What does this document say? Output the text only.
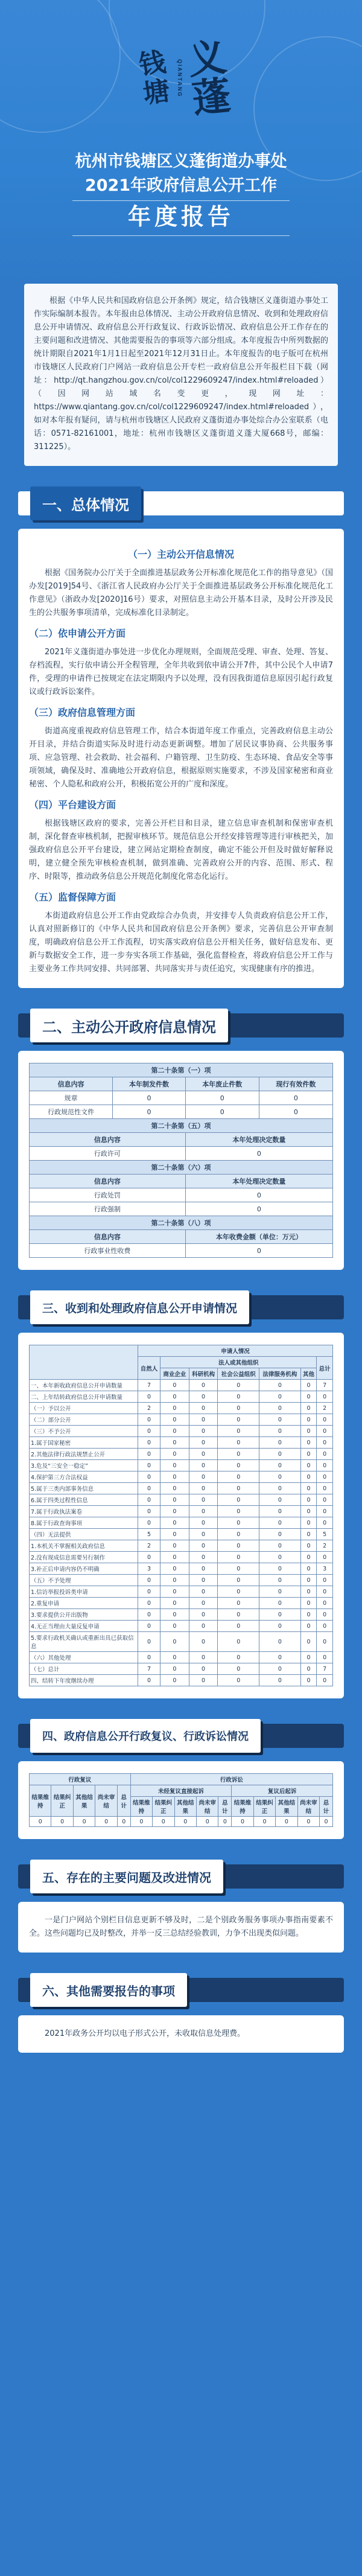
钱塘	QIANTANG 义
蓬
杭州市钱塘区义蓬街道办事处
2021年政府信息公开工作
年度报告

根据《中华人民共和国政府信息公开条例》规定，结合钱塘区义蓬街道办事处工作实际编制本报告。本年报由总体情况、主动公开政府信息情况、收到和处理政府信息公开申请情况、政府信息公开行政复议、行政诉讼情况、政府信息公开工作存在的主要问题和改进情况、其他需要报告的事项等六部分组成。本年度报告中所列数据的统计期限自2021年1月1日起至2021年12月31日止。本年度报告的电子版可在杭州市钱塘区人民政府门户网站一政府信息公开专栏一政府信息公开年报栏目下载（网址：http://qt.hangzhou.gov.cn/col/col1229609247/index.html#reloaded）（因网站域名变更，现网址：https://www.qiantang.gov.cn/col/col1229609247/index.html#reloaded），如对本年报有疑问，请与杭州市钱塘区人民政府义蓬街道办事处综合办公室联系（电话：0571-82161001，地址：杭州市钱塘区义蓬街道义蓬大厦668号，邮编：311225）。

一、总体情况
（一）主动公开信息情况

根据《国务院办公厅关于全面推进基层政务公开标准化规范化工作的指导意见》（国办发[2019]54号、《浙江省人民政府办公厅关于全面推进基层政务公开标准化规范化工作意见》（浙政办发[2020]16号）要求，对照信息主动公开基本目录，及时公开涉及民生的公共服务事项清单，完成标准化目录制定。

（二）依申请公开方面

2021年义蓬街道办事处进一步优化办理规则，全面规范受理、审查、处理、答复、存档流程，实行依申请公开全程管理，全年共收到依申请公开7件，其中公民个人申请7件，受理的申请件已按规定在法定期限内予以处理，没有因我街道信息原因引起行政复议或行政诉讼案件。

（三）政府信息管理方面

街道高度重视政府信息管理工作，结合本街道年度工作重点，完善政府信息主动公开目录，并结合街道实际及时进行动态更新调整。增加了居民议事协商、公共服务事项、应急管理、社会救助、社会福利、户籍管理、卫生防疫、生态环境、食品安全等事项领域，确保及时、准确地公开政府信息，根据原则实施要求，不涉及国家秘密和商业秘密、个人隐私和政府公开，积极拓宽公开的广度和深度。

（四）平台建设方面

根据钱塘区政府的要求，完善公开栏目和目录，建立信息审查机制和保密审查机制，深化督查审核机制，把握审核环节。规范信息公开经安排管理等进行审核把关，加强政府信息公开平台建设，建立网站定期检查制度，确定不能公开但及时做好解释说明，建立健全预先审核检查机制，做到准确、完善政府公开的内容、范围、形式、程序、时限等，推动政务信息公开规范化制度化常态化运行。

（五）监督保障方面

本街道政府信息公开工作由党政综合办负责，并安排专人负责政府信息公开工作，认真对照新修订的《中华人民共和国政府信息公开条例》要求，完善信息公开审查制度，明确政府信息公开工作流程，切实落实政府信息公开相关任务，做好信息发布、更新与数据安全工作，进一步夯实各项工作基础，强化监督检查，将政府信息公开工作与主要业务工作共同安排、共同部署、共同落实并与责任追究，实现健康有序的推进。

二、主动公开政府信息情况
第二十条第（一）项			
信息内容	本年制发件数	本年废止件数	现行有效件数
规章	0	0	0
行政规范性文件	0	0	0
第二十条第（五）项			
信息内容		本年处理决定数量	
行政许可		0	
第二十条第（六）项			
信息内容		本年处理决定数量	
行政处罚		0	
行政强制		0	
第二十条第（八）项			
信息内容		本年收费金额（单位：万元）	
行政事业性收费		0	
三、收到和处理政府信息公开申请情况
	申请人情况						
	自然人	法人或其他组织					总计
		商业企业	科研机构	社会公益组织	法律服务机构	其他	
一、本年新收政府信息公开申请数量	7	0	0	0	0	0	7
二、上年结转政府信息公开申请数量	0	0	0	0	0	0	0
（一）予以公开	2	0	0	0	0	0	2
（二）部分公开	0	0	0	0	0	0	0
（三）不予公开	0	0	0	0	0	0	0
1.属于国家秘密	0	0	0	0	0	0	0
2.其他法律行政法规禁止公开	0	0	0	0	0	0	0
3.危及“三安全一稳定”	0	0	0	0	0	0	0
4.保护第三方合法权益	0	0	0	0	0	0	0
5.属于三类内部事务信息	0	0	0	0	0	0	0
6.属于四类过程性信息	0	0	0	0	0	0	0
7.属于行政执法案卷	0	0	0	0	0	0	0
8.属于行政查询事项	0	0	0	0	0	0	0
（四）无法提供	5	0	0	0	0	0	5
1.本机关不掌握相关政府信息	2	0	0	0	0	0	2
2.没有现成信息需要另行制作	0	0	0	0	0	0	0
3.补正后申请内容仍不明确	3	0	0	0	0	0	3
（五）不予处理	0	0	0	0	0	0	0
1.信访举报投诉类申请	0	0	0	0	0	0	0
2.重复申请	0	0	0	0	0	0	0
3.要求提供公开出版物	0	0	0	0	0	0	0
4.无正当理由大量反复申请	0	0	0	0	0	0	0
5.要求行政机关确认或重新出具已获取信息	0	0	0	0	0	0	0
（六）其他处理	0	0	0	0	0	0	0
（七）总计	7	0	0	0	0	0	7
四、结转下年度继续办理	0	0	0	0	0	0	0
四、政府信息公开行政复议、行政诉讼情况
行政复议					行政诉讼									
结果维持	结果纠正	其他结果	尚未审结	总计	未经复议直接起诉					复议后起诉				
					结果维持	结果纠正	其他结果	尚未审结	总计	结果维持	结果纠正	其他结果	尚未审结	总计
0	0	0	0	0	0	0	0	0	0	0	0	0	0	0
五、存在的主要问题及改进情况

一是门户网站个别栏目信息更新不够及时，二是个别政务服务事项办事指南要素不全。这些问题均已及时整改，并举一反三总结经验教训，力争不出现类似问题。

六、其他需要报告的事项

2021年政务公开均以电子形式公开，未收取信息处理费。
